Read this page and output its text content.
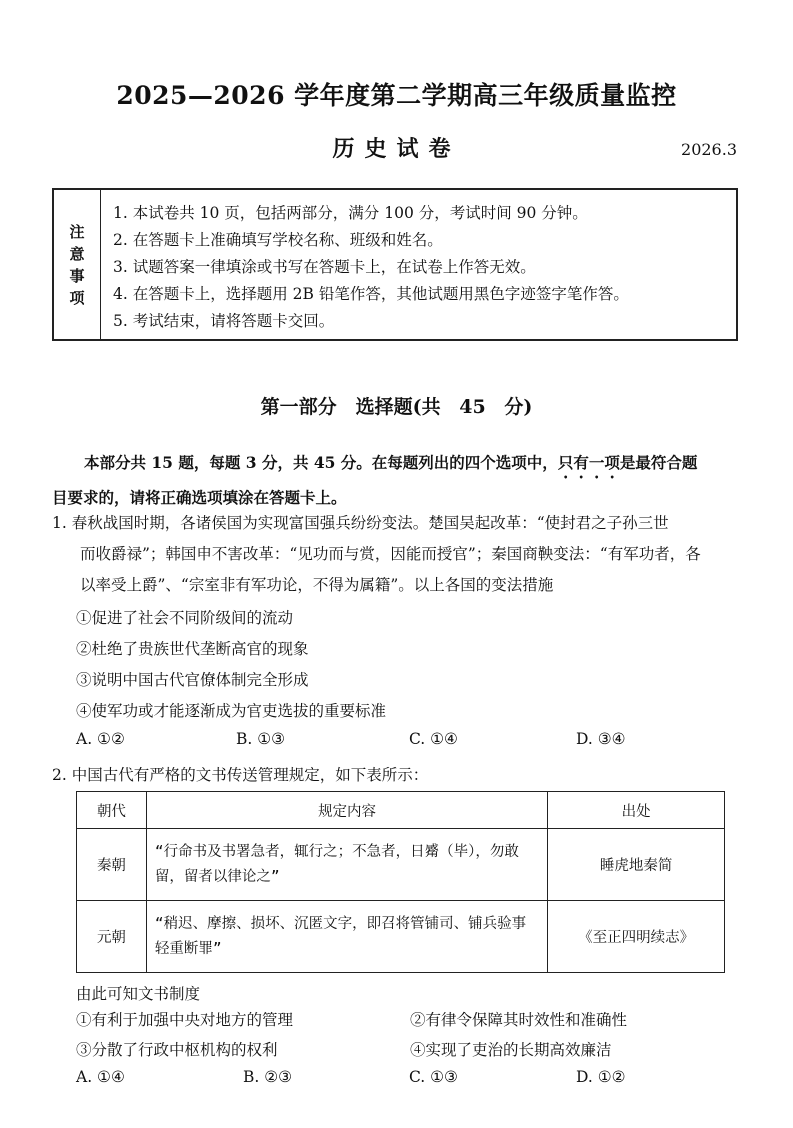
2025—2026 学年度第二学期高三年级质量监控
历史试卷	2026.3
注
意
事
项
1. 本试卷共 10 页，包括两部分，满分 100 分，考试时间 90 分钟。
2. 在答题卡上准确填写学校名称、班级和姓名。
3. 试题答案一律填涂或书写在答题卡上，在试卷上作答无效。
4. 在答题卡上，选择题用 2B 铅笔作答，其他试题用黑色字迹签字笔作答。
5. 考试结束，请将答题卡交回。
第一部分　选择题(共 45 分)
本部分共 15 题，每题 3 分，共 45 分。在每题列出的四个选项中，只有一项是最符合题
目要求的，请将正确选项填涂在答题卡上。
1. 春秋战国时期，各诸侯国为实现富国强兵纷纷变法。楚国吴起改革：“使封君之子孙三世
而收爵禄”；韩国申不害改革：“见功而与赏，因能而授官”；秦国商鞅变法：“有军功者，各
以率受上爵”、“宗室非有军功论，不得为属籍”。以上各国的变法措施
①促进了社会不同阶级间的流动
②杜绝了贵族世代垄断高官的现象
③说明中国古代官僚体制完全形成
④使军功或才能逐渐成为官吏选拔的重要标准
A. ①②	B. ①③	C. ①④	D. ③④
2. 中国古代有严格的文书传送管理规定，如下表所示：
朝代	规定内容	出处
秦朝	“行命书及书署急者，辄行之；不急者，日觱（毕），勿敢留，留者以律论之”	睡虎地秦简
元朝	“稍迟、摩擦、损坏、沉匿文字，即召将管铺司、铺兵验事轻重断罪”	《至正四明续志》
由此可知文书制度
①有利于加强中央对地方的管理	②有律令保障其时效性和准确性
③分散了行政中枢机构的权利	④实现了吏治的长期高效廉洁
A. ①④	B. ②③	C. ①③	D. ①②
